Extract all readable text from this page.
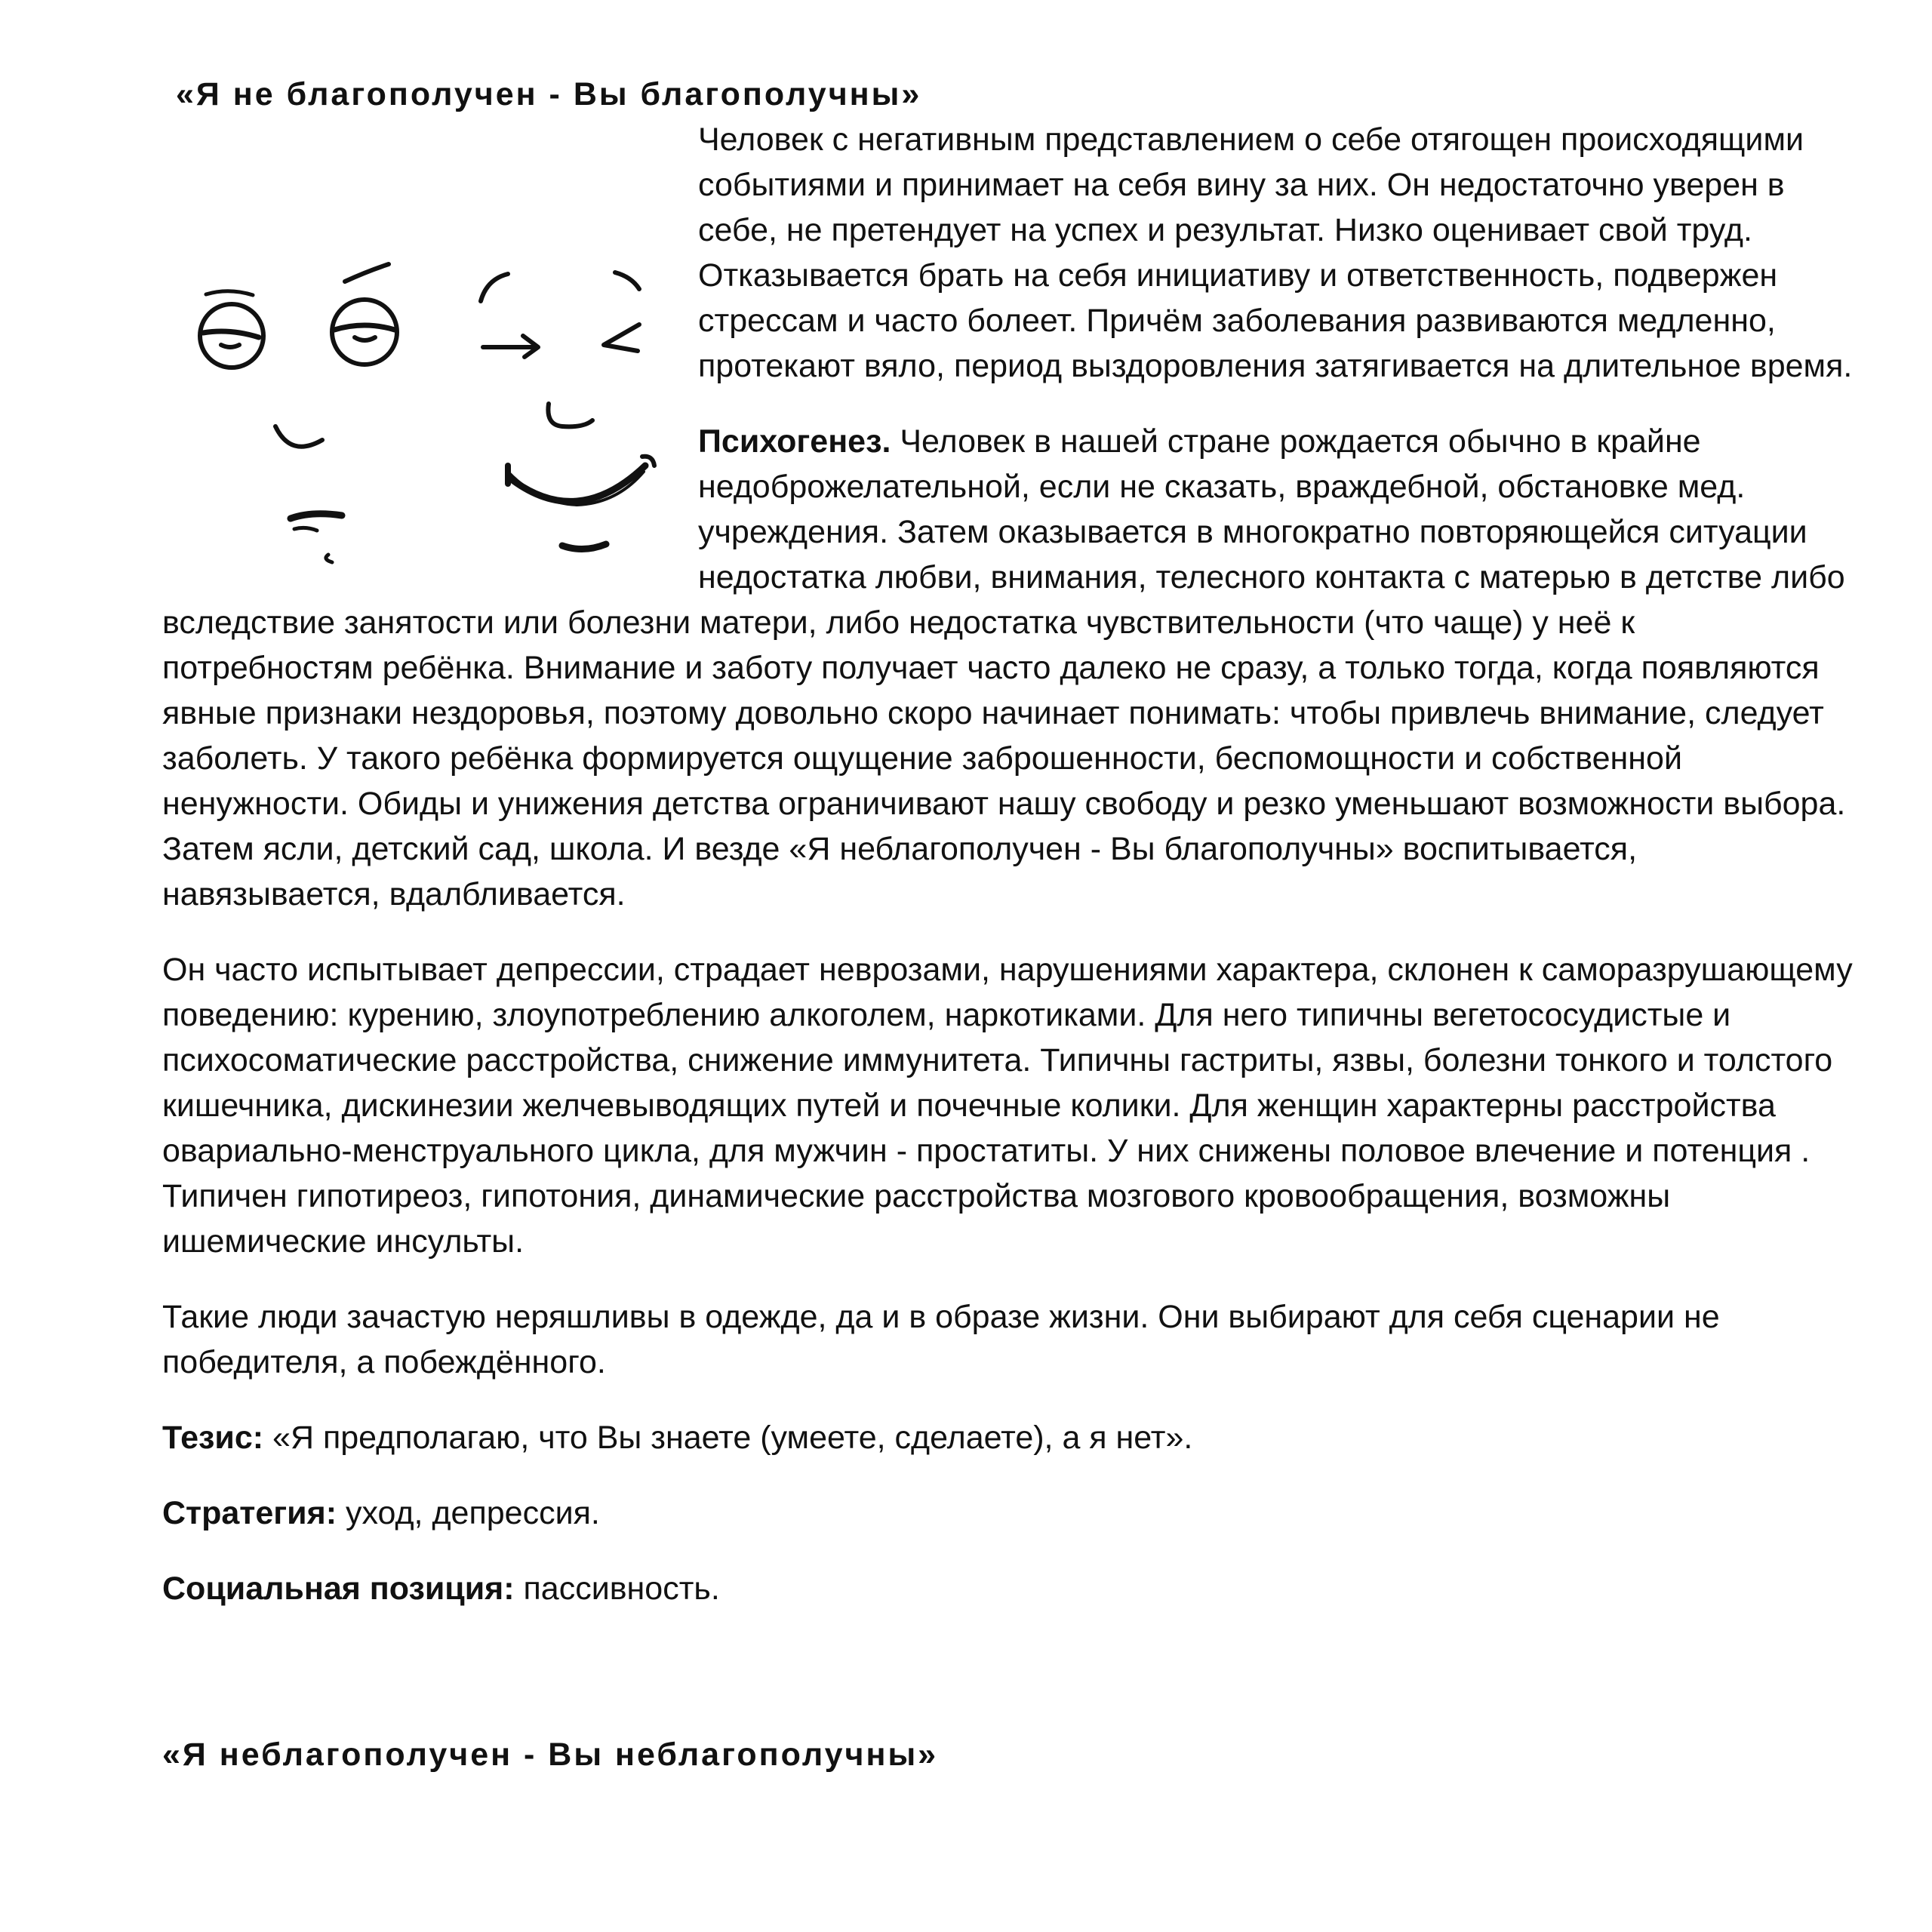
«Я не благополучен - Вы благополучны»

Человек с негативным представлением о себе отягощен происходящими событиями и принимает на себя вину за них. Он недостаточно уверен в себе, не претендует на успех и результат. Низко оценивает свой труд. Отказывается брать на себя инициативу и ответственность, подвержен стрессам и часто болеет. Причём заболевания развиваются медленно, протекают вяло, период выздоровления затягивается на длительное время.

Психогенез. Человек в нашей стране рождается обычно в крайне недоброжелательной, если не сказать, враждебной, обстановке мед. учреждения. Затем оказывается в многократно повторяющейся ситуации недостатка любви, внимания, телесного контакта с матерью в детстве либо вследствие занятости или болезни матери, либо недостатка чувствительности (что чаще) у неё к потребностям ребёнка. Внимание и заботу получает часто далеко не сразу, а только тогда, когда появляются явные признаки нездоровья, поэтому довольно скоро начинает понимать: чтобы привлечь внимание, следует заболеть. У такого ребёнка формируется ощущение заброшенности, беспомощности и собственной ненужности. Обиды и унижения детства ограничивают нашу свободу и резко уменьшают возможности выбора. Затем ясли, детский сад, школа. И везде «Я неблагополучен - Вы благополучны» воспитывается, навязывается, вдалбливается.

Он часто испытывает депрессии, страдает неврозами, нарушениями характера, склонен к саморазрушающему поведению: курению, злоупотреблению алкоголем, наркотиками. Для него типичны вегетососудистые и психосоматические расстройства, снижение иммунитета. Типичны гастриты, язвы, болезни тонкого и толстого кишечника, дискинезии желчевыводящих путей и почечные колики. Для женщин характерны расстройства овариально-менструального цикла, для мужчин - простатиты. У них снижены половое влечение и потенция . Типичен гипотиреоз, гипотония, динамические расстройства мозгового кровообращения, возможны ишемические инсульты.

Такие люди зачастую неряшливы в одежде, да и в образе жизни. Они выбирают для себя сценарии не победителя, а побеждённого.

Тезис: «Я предполагаю, что Вы знаете (умеете, сделаете), а я нет».

Стратегия: уход, депрессия.

Социальная позиция: пассивность.

«Я неблагополучен - Вы неблагополучны»
